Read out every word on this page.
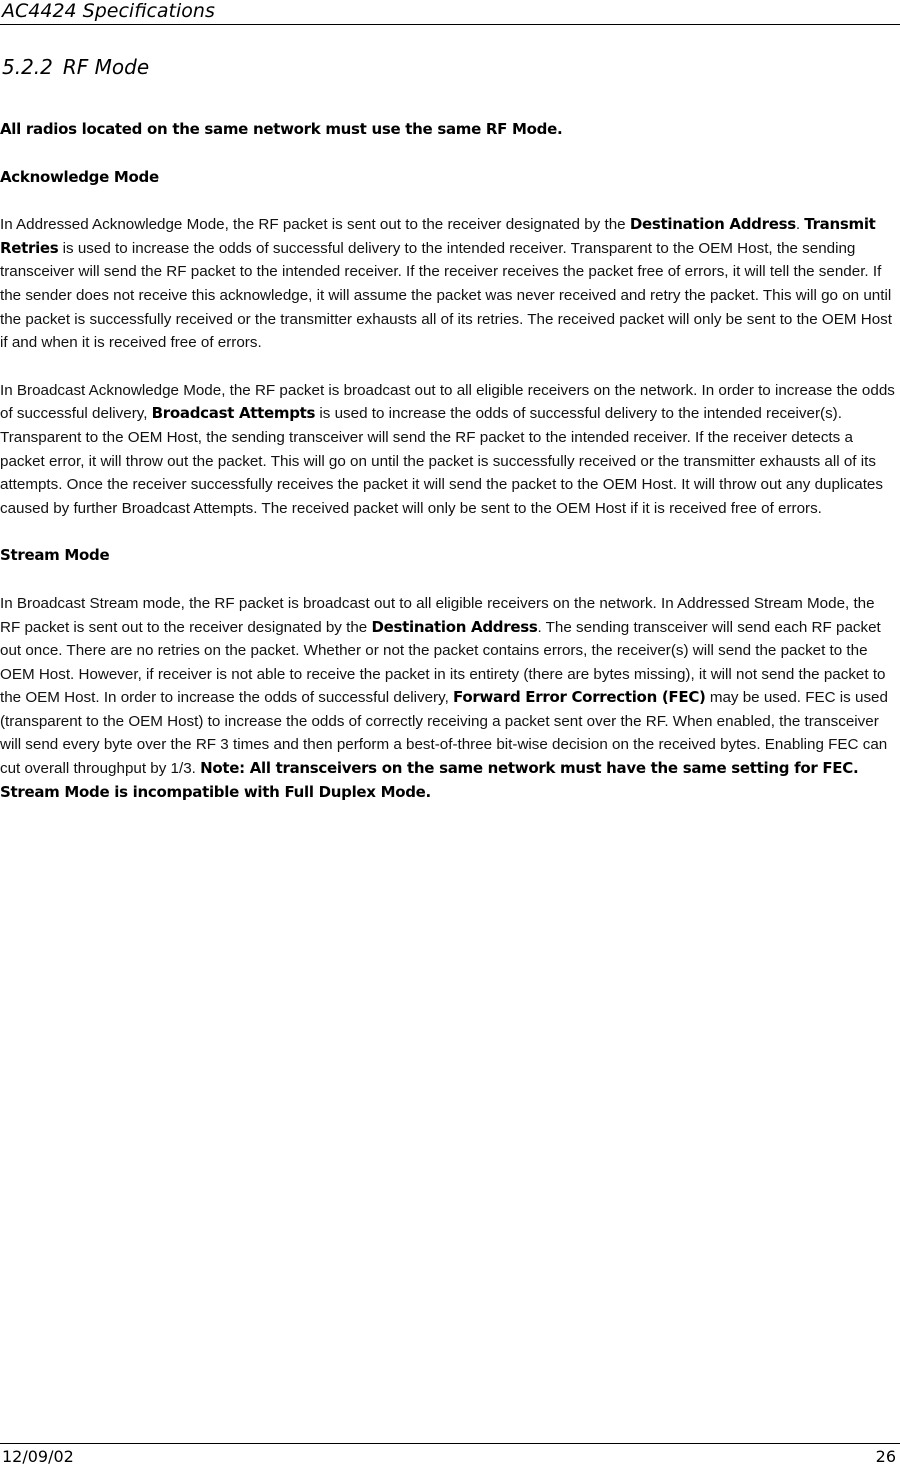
AC4424 Specifications
5.2.2 RF Mode

All radios located on the same network must use the same RF Mode.

Acknowledge Mode

In Addressed Acknowledge Mode, the RF packet is sent out to the receiver designated by the Destination Address. Transmit Retries is used to increase the odds of successful delivery to the intended receiver. Transparent to the OEM Host, the sending transceiver will send the RF packet to the intended receiver. If the receiver receives the packet free of errors, it will tell the sender. If the sender does not receive this acknowledge, it will assume the packet was never received and retry the packet. This will go on until the packet is successfully received or the transmitter exhausts all of its retries. The received packet will only be sent to the OEM Host if and when it is received free of errors.

In Broadcast Acknowledge Mode, the RF packet is broadcast out to all eligible receivers on the network. In order to increase the odds of successful delivery, Broadcast Attempts is used to increase the odds of successful delivery to the intended receiver(s). Transparent to the OEM Host, the sending transceiver will send the RF packet to the intended receiver. If the receiver detects a packet error, it will throw out the packet. This will go on until the packet is successfully received or the transmitter exhausts all of its attempts. Once the receiver successfully receives the packet it will send the packet to the OEM Host. It will throw out any duplicates caused by further Broadcast Attempts. The received packet will only be sent to the OEM Host if it is received free of errors.

Stream Mode

In Broadcast Stream mode, the RF packet is broadcast out to all eligible receivers on the network. In Addressed Stream Mode, the RF packet is sent out to the receiver designated by the Destination Address. The sending transceiver will send each RF packet out once. There are no retries on the packet. Whether or not the packet contains errors, the receiver(s) will send the packet to the OEM Host. However, if receiver is not able to receive the packet in its entirety (there are bytes missing), it will not send the packet to the OEM Host. In order to increase the odds of successful delivery, Forward Error Correction (FEC) may be used. FEC is used (transparent to the OEM Host) to increase the odds of correctly receiving a packet sent over the RF. When enabled, the transceiver will send every byte over the RF 3 times and then perform a best-of-three bit-wise decision on the received bytes. Enabling FEC can cut overall throughput by 1/3. Note: All transceivers on the same network must have the same setting for FEC. Stream Mode is incompatible with Full Duplex Mode.

12/09/02	26
